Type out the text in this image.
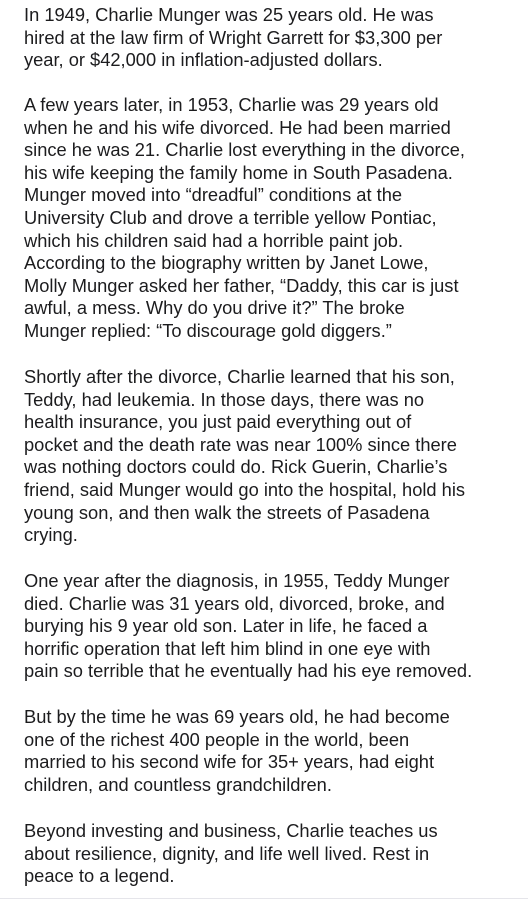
In 1949, Charlie Munger was 25 years old. He was
hired at the law firm of Wright Garrett for $3,300 per
year, or $42,000 in inflation-adjusted dollars.

A few years later, in 1953, Charlie was 29 years old
when he and his wife divorced. He had been married
since he was 21. Charlie lost everything in the divorce,
his wife keeping the family home in South Pasadena.
Munger moved into “dreadful” conditions at the
University Club and drove a terrible yellow Pontiac,
which his children said had a horrible paint job.
According to the biography written by Janet Lowe,
Molly Munger asked her father, “Daddy, this car is just
awful, a mess. Why do you drive it?” The broke
Munger replied: “To discourage gold diggers.”

Shortly after the divorce, Charlie learned that his son,
Teddy, had leukemia. In those days, there was no
health insurance, you just paid everything out of
pocket and the death rate was near 100% since there
was nothing doctors could do. Rick Guerin, Charlie’s
friend, said Munger would go into the hospital, hold his
young son, and then walk the streets of Pasadena
crying.

One year after the diagnosis, in 1955, Teddy Munger
died. Charlie was 31 years old, divorced, broke, and
burying his 9 year old son. Later in life, he faced a
horrific operation that left him blind in one eye with
pain so terrible that he eventually had his eye removed.

But by the time he was 69 years old, he had become
one of the richest 400 people in the world, been
married to his second wife for 35+ years, had eight
children, and countless grandchildren.

Beyond investing and business, Charlie teaches us
about resilience, dignity, and life well lived. Rest in
peace to a legend.
